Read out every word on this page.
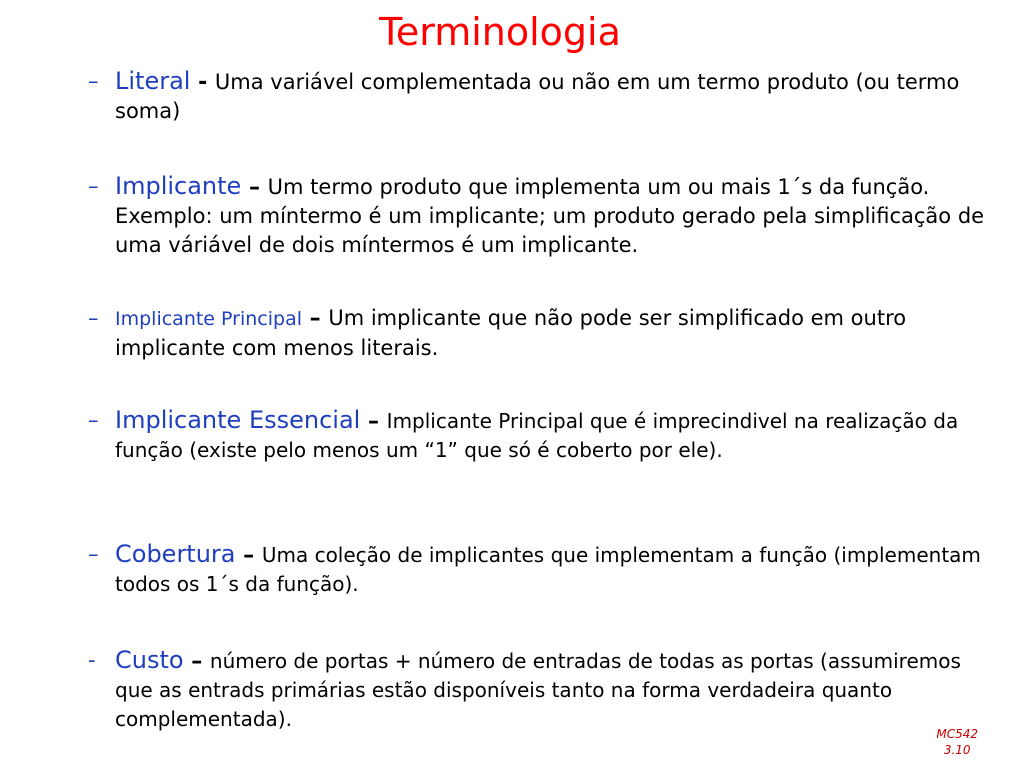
Terminologia
– Literal - Uma variável complementada ou não em um termo produto (ou termo soma)
– Implicante – Um termo produto que implementa um ou mais 1´s da função. Exemplo: um míntermo é um implicante; um produto gerado pela simplificação de uma váriável de dois míntermos é um implicante.
– Implicante Principal – Um implicante que não pode ser simplificado em outro implicante com menos literais.
– Implicante Essencial – Implicante Principal que é imprecindivel na realização da função (existe pelo menos um “1” que só é coberto por ele).
– Cobertura – Uma coleção de implicantes que implementam a função (implementam todos os 1´s da função).
- Custo – número de portas + número de entradas de todas as portas (assumiremos que as entrads primárias estão disponíveis tanto na forma verdadeira quanto complementada).
MC542
3.10
